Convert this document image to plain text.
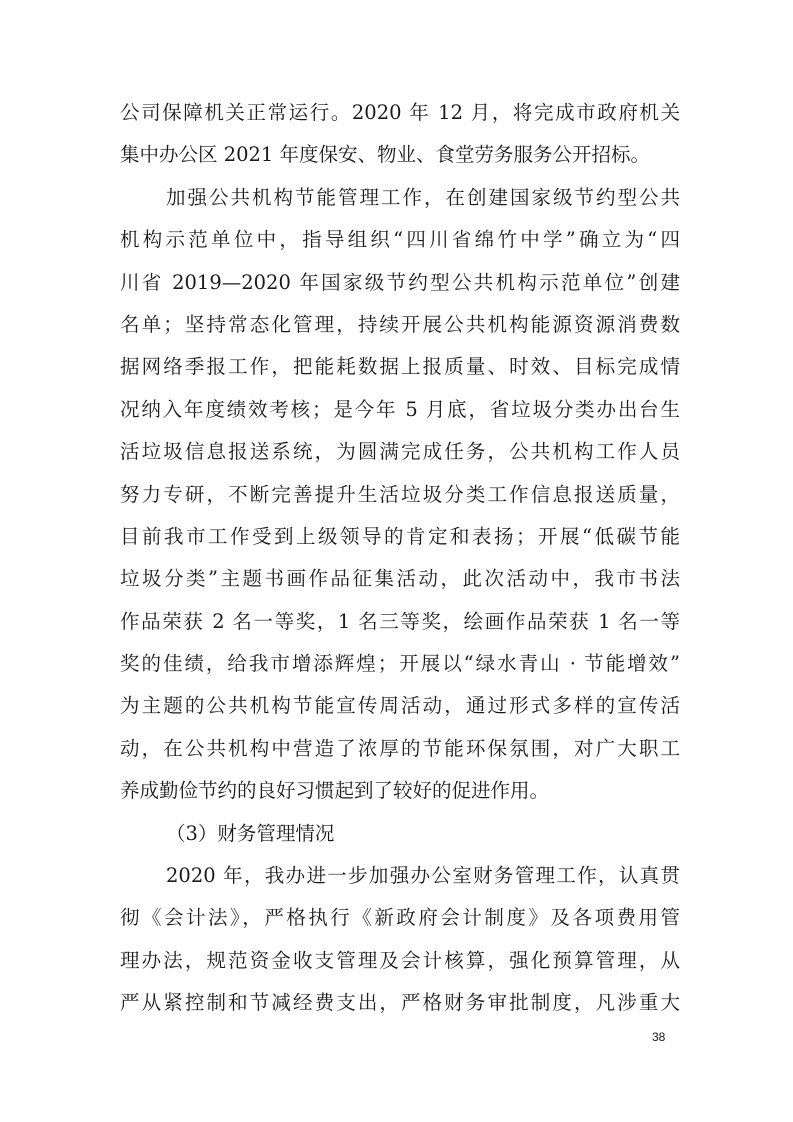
公司保障机关正常运行。2020 年 12 月，将完成市政府机关
集中办公区 2021 年度保安、物业、食堂劳务服务公开招标。
加强公共机构节能管理工作，在创建国家级节约型公共
机构示范单位中，指导组织“四川省绵竹中学”确立为“四
川省 2019—2020 年国家级节约型公共机构示范单位”创建
名单；坚持常态化管理，持续开展公共机构能源资源消费数
据网络季报工作，把能耗数据上报质量、时效、目标完成情
况纳入年度绩效考核；是今年 5 月底，省垃圾分类办出台生
活垃圾信息报送系统，为圆满完成任务，公共机构工作人员
努力专研，不断完善提升生活垃圾分类工作信息报送质量，
目前我市工作受到上级领导的肯定和表扬；开展“低碳节能
垃圾分类”主题书画作品征集活动，此次活动中，我市书法
作品荣获 2 名一等奖，1 名三等奖，绘画作品荣获 1 名一等
奖的佳绩，给我市增添辉煌；开展以“绿水青山 · 节能增效”
为主题的公共机构节能宣传周活动，通过形式多样的宣传活
动，在公共机构中营造了浓厚的节能环保氛围，对广大职工
养成勤俭节约的良好习惯起到了较好的促进作用。
（3）财务管理情况
2020 年，我办进一步加强办公室财务管理工作，认真贯
彻《会计法》，严格执行《新政府会计制度》及各项费用管
理办法，规范资金收支管理及会计核算，强化预算管理，从
严从紧控制和节减经费支出，严格财务审批制度，凡涉重大
38
